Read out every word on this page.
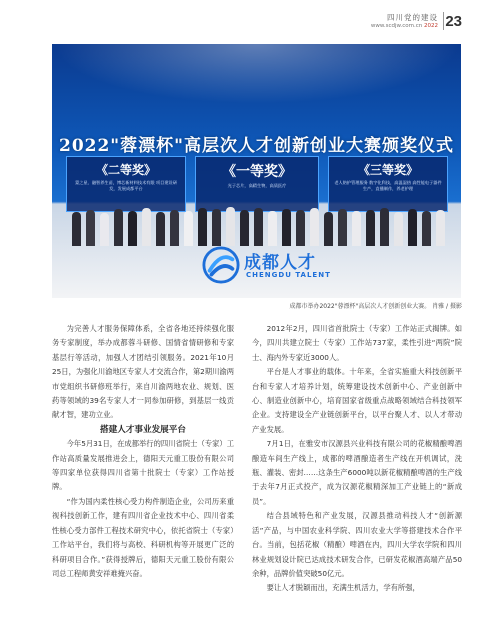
四川党的建设
www.scdjw.com.cn 2022 23
2022"蓉漂杯"高层次人才创新创业大赛颁奖仪式
《二等奖》
蒙之星、融智养生苗，博芯新材料技术有限 项目建设研发，发展成都平台
《一等奖》
光子芯片，高精生物，高质医疗
《三等奖》
老人陪护管理服务 数字化科技，高温湿热 高性能电子器件生产，直播制作，养老护理
成都人才
CHENGDU TALENT
成都市举办2022"蓉漂杯"高层次人才创新创业大赛。 肖雅 / 摄影

为完善人才服务保障体系，全省各地还持续强化服务专家制度，举办成都蓉斗研修、国情省情研修和专家基层行等活动，加强人才团结引领服务。2021年10月25日，为强化川渝地区专家人才交流合作，第2期川渝两市党组织书研修班举行，来自川渝两地农业、规划、医药等领域的39名专家人才一同参加研修，到基层一线贡献才智，建功立业。

搭建人才事业发展平台

今年5月31日，在成都举行的四川省院士（专家）工作站高质量发展推进会上，德阳天元重工股份有限公司等四家单位获得四川省第十批院士（专家）工作站授牌。

“作为国内柔性核心受力构件制造企业，公司历来重视科技创新工作，建有四川省企业技术中心、四川省柔性核心受力部件工程技术研究中心，依托省院士（专家）工作站平台，我们将与高校、科研机构等开展更广泛的科研项目合作。”获得授牌后，德阳天元重工股份有限公司总工程师黄安祥难掩兴奋。

2012年2月，四川省首批院士（专家）工作站正式揭牌。如今，四川共建立院士（专家）工作站737家，柔性引进“两院”院士、海内外专家近3000人。

平台是人才事业的载体。十年来，全省实施重大科技创新平台和专家人才培养计划，统筹建设技术创新中心、产业创新中心、制造业创新中心，培育国家省级重点战略领域结合科技领军企业。支持建设全产业链创新平台，以平台聚人才、以人才带动产业发展。

7月1日，在雅安市汉源县兴业科技有限公司的花椒精酿啤酒酿造车间生产线上，成都的啤酒酿造者生产线在开机调试，洗瓶、灌装、密封……这条生产6000吨以新花椒精酿啤酒的生产线于去年7月正式投产，成为汉源花椒精深加工产业链上的“新成员”。

结合县域特色和产业发展，汉源县推动科技人才“创新源活”产品，与中国农业科学院、四川农业大学等搭建技术合作平台。当前，包括花椒（精酿）啤酒在内，四川大学农学院和四川林业规划设计院已达成技术研发合作，已研发花椒酒高端产品50余种，品牌价值突破50亿元。

要让人才脱颖而出，充满生机活力，学有所强，
